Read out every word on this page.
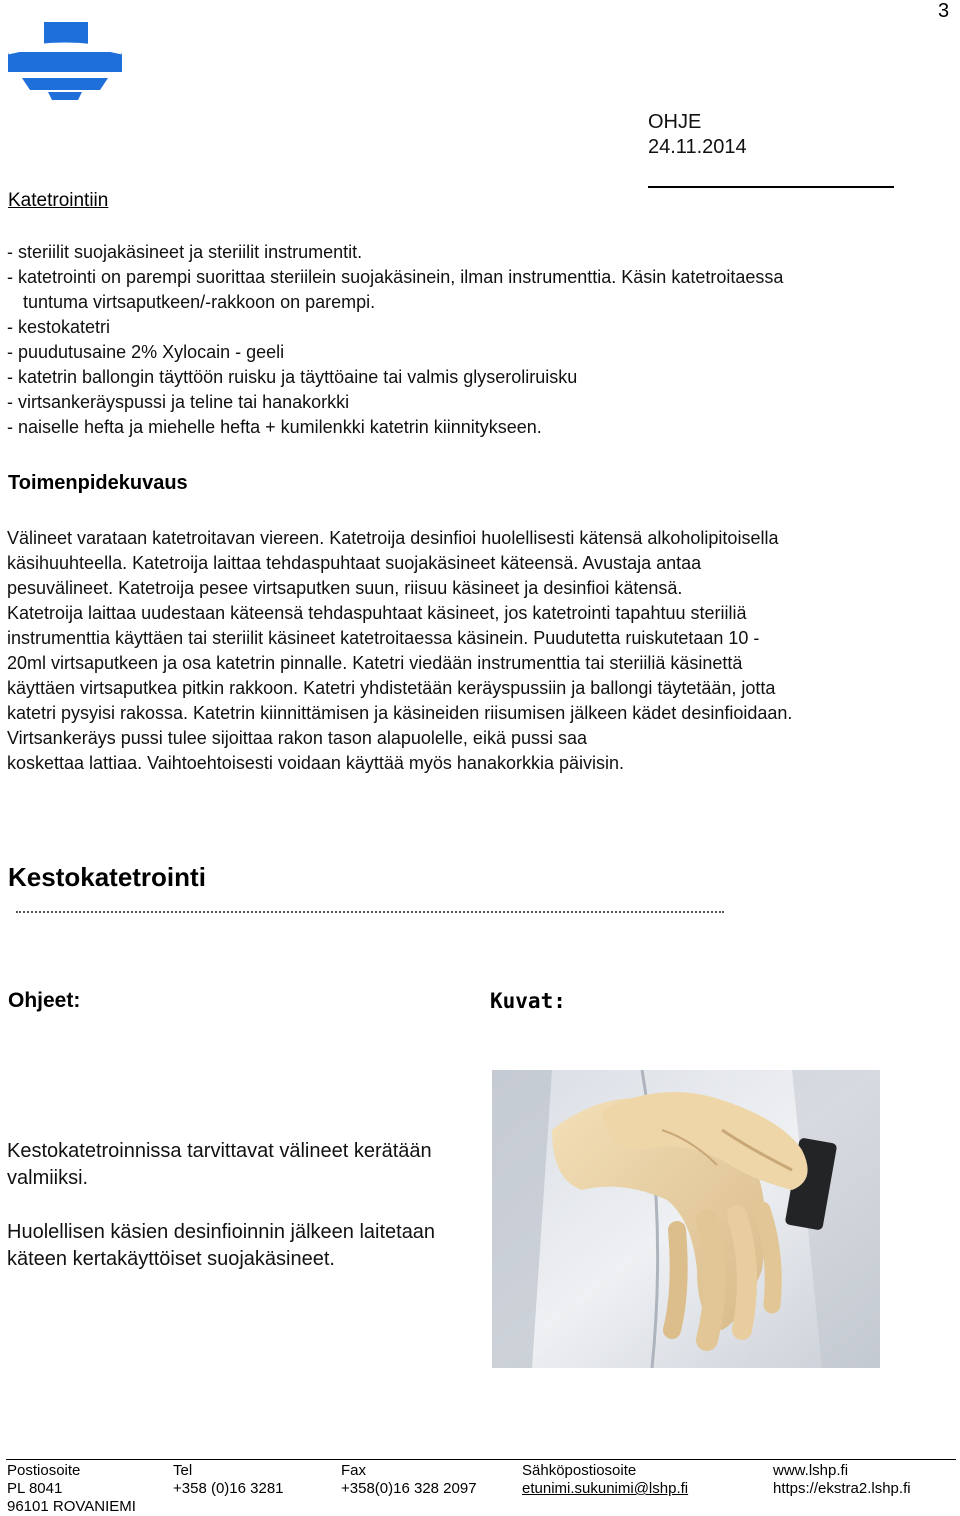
3
OHJE
24.11.2014
Katetrointiin
- steriilit suojakäsineet ja steriilit instrumentit.
- katetrointi on parempi suorittaa steriilein suojakäsinein, ilman instrumenttia. Käsin katetroitaessa
tuntuma virtsaputkeen/-rakkoon on parempi.
- kestokatetri
- puudutusaine 2% Xylocain - geeli
- katetrin ballongin täyttöön ruisku ja täyttöaine tai valmis glyseroliruisku
- virtsankeräyspussi ja teline tai hanakorkki
- naiselle hefta ja miehelle hefta + kumilenkki katetrin kiinnitykseen.
Toimenpidekuvaus
Välineet varataan katetroitavan viereen. Katetroija desinfioi huolellisesti kätensä alkoholipitoisella
käsihuuhteella. Katetroija laittaa tehdaspuhtaat suojakäsineet käteensä. Avustaja antaa
pesuvälineet. Katetroija pesee virtsaputken suun, riisuu käsineet ja desinfioi kätensä.
Katetroija laittaa uudestaan käteensä tehdaspuhtaat käsineet, jos katetrointi tapahtuu steriiliä
instrumenttia käyttäen tai steriilit käsineet katetroitaessa käsinein. Puudutetta ruiskutetaan 10 -
20ml virtsaputkeen ja osa katetrin pinnalle. Katetri viedään instrumenttia tai steriiliä käsinettä
käyttäen virtsaputkea pitkin rakkoon. Katetri yhdistetään keräyspussiin ja ballongi täytetään, jotta
katetri pysyisi rakossa. Katetrin kiinnittämisen ja käsineiden riisumisen jälkeen kädet desinfioidaan.
Virtsankeräys pussi tulee sijoittaa rakon tason alapuolelle, eikä pussi saa
koskettaa lattiaa. Vaihtoehtoisesti voidaan käyttää myös hanakorkkia päivisin.
Kestokatetrointi
Ohjeet:	Kuvat:
Kestokatetroinnissa tarvittavat välineet kerätään valmiiksi.
Huolellisen käsien desinfioinnin jälkeen laitetaan käteen kertakäyttöiset suojakäsineet.
Postiosoite
PL 8041
96101 ROVANIEMI
Tel
+358 (0)16 3281
Fax
+358(0)16 328 2097
Sähköpostiosoite
etunimi.sukunimi@lshp.fi
www.lshp.fi
https://ekstra2.lshp.fi
